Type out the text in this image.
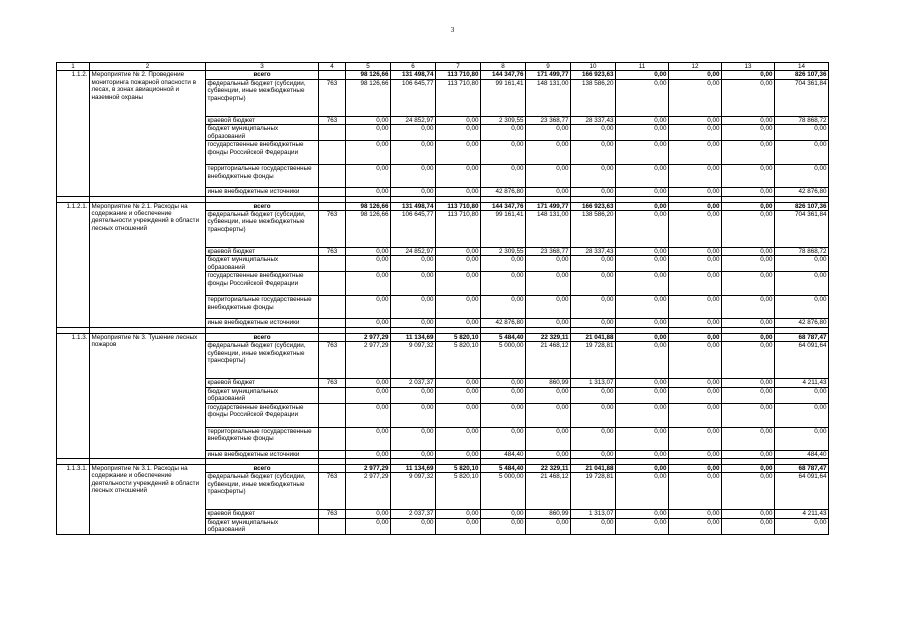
3
1	2	3	4	5	6	7	8	9	10	11	12	13	14
1.1.2.	Мероприятие № 2. Проведение мониторинга пожарной опасности в лесах, в зонах авиационной и наземной охраны	всего		98 126,66	131 498,74	113 710,80	144 347,76	171 499,77	166 923,63	0,00	0,00	0,00	826 107,36
		федеральный бюджет (субсидии, субвенции, иные межбюджетные трансферты)	763	98 126,66	106 645,77	113 710,80	99 161,41	148 131,00	138 586,20	0,00	0,00	0,00	704 361,84
		краевой бюджет	763	0,00	24 852,97	0,00	2 309,55	23 368,77	28 337,43	0,00	0,00	0,00	78 868,72
		бюджет муниципальных образований		0,00	0,00	0,00	0,00	0,00	0,00	0,00	0,00	0,00	0,00
		государственные внебюджетные фонды Российской Федерации		0,00	0,00	0,00	0,00	0,00	0,00	0,00	0,00	0,00	0,00
		территориальные государственные внебюджетные фонды		0,00	0,00	0,00	0,00	0,00	0,00	0,00	0,00	0,00	0,00
		иные внебюджетные источники		0,00	0,00	0,00	42 876,80	0,00	0,00	0,00	0,00	0,00	42 876,80

1.1.2.1.	Мероприятие № 2.1. Расходы на содержание и обеспечение деятельности учреждений в области лесных отношений	всего		98 126,66	131 498,74	113 710,80	144 347,76	171 499,77	166 923,63	0,00	0,00	0,00	826 107,36
		федеральный бюджет (субсидии, субвенции, иные межбюджетные трансферты)	763	98 126,66	106 645,77	113 710,80	99 161,41	148 131,00	138 586,20	0,00	0,00	0,00	704 361,84
		краевой бюджет	763	0,00	24 852,97	0,00	2 309,55	23 368,77	28 337,43	0,00	0,00	0,00	78 868,72
		бюджет муниципальных образований		0,00	0,00	0,00	0,00	0,00	0,00	0,00	0,00	0,00	0,00
		государственные внебюджетные фонды Российской Федерации		0,00	0,00	0,00	0,00	0,00	0,00	0,00	0,00	0,00	0,00
		территориальные государственные внебюджетные фонды		0,00	0,00	0,00	0,00	0,00	0,00	0,00	0,00	0,00	0,00
		иные внебюджетные источники		0,00	0,00	0,00	42 876,80	0,00	0,00	0,00	0,00	0,00	42 876,80

1.1.3.	Мероприятие № 3. Тушение лесных пожаров	всего		2 977,29	11 134,69	5 820,10	5 484,40	22 329,11	21 041,88	0,00	0,00	0,00	68 787,47
		федеральный бюджет (субсидии, субвенции, иные межбюджетные трансферты)	763	2 977,29	9 097,32	5 820,10	5 000,00	21 468,12	19 728,81	0,00	0,00	0,00	64 091,64
		краевой бюджет	763	0,00	2 037,37	0,00	0,00	860,99	1 313,07	0,00	0,00	0,00	4 211,43
		бюджет муниципальных образований		0,00	0,00	0,00	0,00	0,00	0,00	0,00	0,00	0,00	0,00
		государственные внебюджетные фонды Российской Федерации		0,00	0,00	0,00	0,00	0,00	0,00	0,00	0,00	0,00	0,00
		территориальные государственные внебюджетные фонды		0,00	0,00	0,00	0,00	0,00	0,00	0,00	0,00	0,00	0,00
		иные внебюджетные источники		0,00	0,00	0,00	484,40	0,00	0,00	0,00	0,00	0,00	484,40

1.1.3.1.	Мероприятие № 3.1. Расходы на содержание и обеспечение деятельности учреждений в области лесных отношений	всего		2 977,29	11 134,69	5 820,10	5 484,40	22 329,11	21 041,88	0,00	0,00	0,00	68 787,47
		федеральный бюджет (субсидии, субвенции, иные межбюджетные трансферты)	763	2 977,29	9 097,32	5 820,10	5 000,00	21 468,12	19 728,81	0,00	0,00	0,00	64 091,64
		краевой бюджет	763	0,00	2 037,37	0,00	0,00	860,99	1 313,07	0,00	0,00	0,00	4 211,43
		бюджет муниципальных образований		0,00	0,00	0,00	0,00	0,00	0,00	0,00	0,00	0,00	0,00
